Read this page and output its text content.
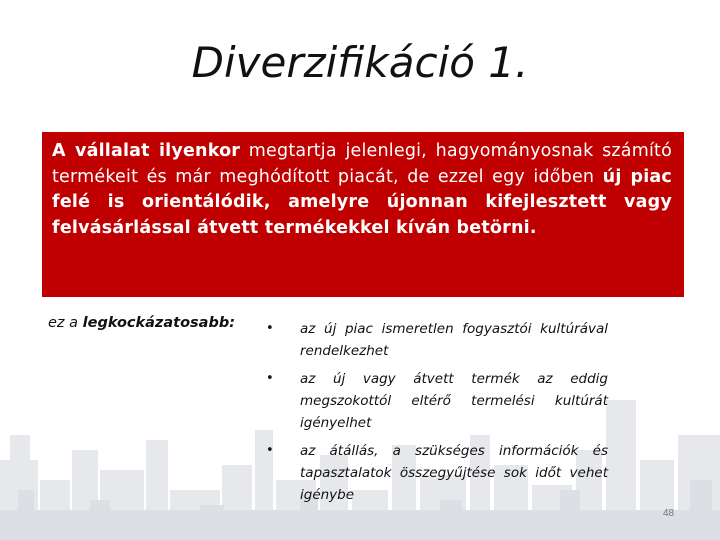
Diverzifikáció 1.

A vállalat ilyenkor megtartja jelenlegi, hagyományosnak számító termékeit és már meghódított piacát, de ezzel egy időben új piac felé is orientálódik, amelyre újonnan kifejlesztett vagy felvásárlással átvett termékekkel kíván betörni.

ez a legkockázatosabb: • az új piac ismeretlen fogyasztói kultúrával rendelkezhet
• az új vagy átvett termék az eddig megszokottól eltérő termelési kultúrát igényelhet
• az átállás, a szükséges információk és tapasztalatok összegyűjtése sok időt vehet igénybe
48
